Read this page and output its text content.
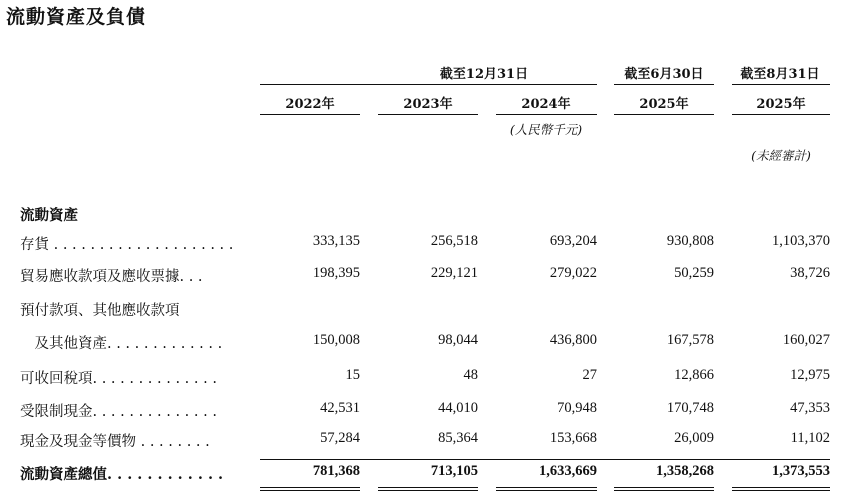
流動資產及負債
截至12月31日	截至6月30日	截至8月31日
2022年	2023年	2024年	2025年	2025年
(人民幣千元)
(未經審計)
流動資產
存貨 . . . . . . . . . . . . . . . . . . . .	333,135	256,518	693,204	930,808	1,103,370
貿易應收款項及應收票據. . .	198,395	229,121	279,022	50,259	38,726
預付款項、其他應收款項
　及其他資產. . . . . . . . . . . . .	150,008	98,044	436,800	167,578	160,027
可收回稅項. . . . . . . . . . . . . .	15	48	27	12,866	12,975
受限制現金. . . . . . . . . . . . . .	42,531	44,010	70,948	170,748	47,353
現金及現金等價物 . . . . . . . .	57,284	85,364	153,668	26,009	11,102
流動資產總值. . . . . . . . . . . .	781,368	713,105	1,633,669	1,358,268	1,373,553
